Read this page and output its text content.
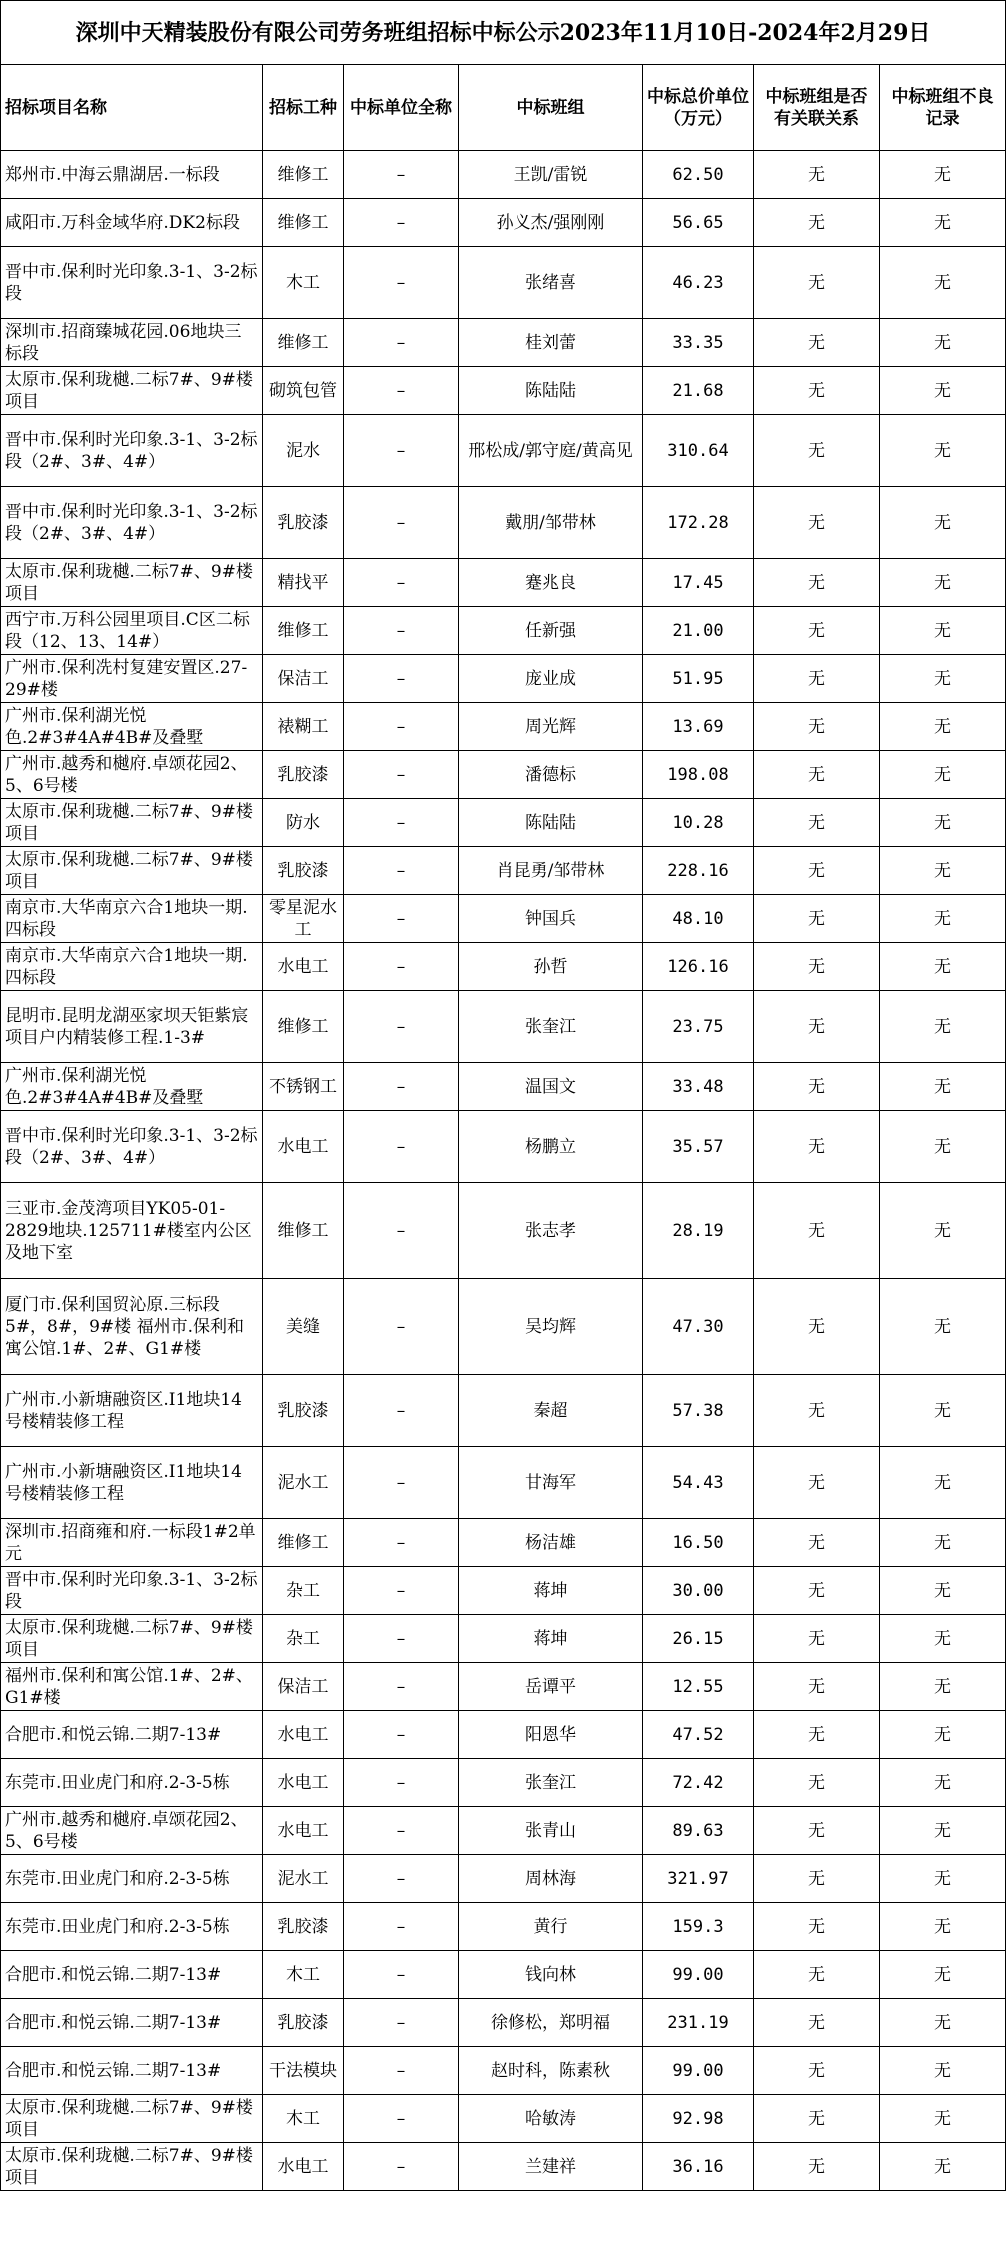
深圳中天精装股份有限公司劳务班组招标中标公示2023年11月10日-2024年2月29日						
招标项目名称	招标工种	中标单位全称	中标班组	中标总价单位（万元）	中标班组是否有关联关系	中标班组不良记录
郑州市.中海云鼎湖居.一标段	维修工	–	王凯/雷锐	62.50	无	无
咸阳市.万科金域华府.DK2标段	维修工	–	孙义杰/强刚刚	56.65	无	无
晋中市.保利时光印象.3-1、3-2标段	木工	–	张绪喜	46.23	无	无
深圳市.招商臻城花园.06地块三标段	维修工	–	桂刘蕾	33.35	无	无
太原市.保利珑樾.二标7#、9#楼项目	砌筑包管	–	陈陆陆	21.68	无	无
晋中市.保利时光印象.3-1、3-2标段（2#、3#、4#）	泥水	–	邢松成/郭守庭/黄高见	310.64	无	无
晋中市.保利时光印象.3-1、3-2标段（2#、3#、4#）	乳胶漆	–	戴朋/邹带林	172.28	无	无
太原市.保利珑樾.二标7#、9#楼项目	精找平	–	蹇兆良	17.45	无	无
西宁市.万科公园里项目.C区二标段（12、13、14#）	维修工	–	任新强	21.00	无	无
广州市.保利冼村复建安置区.27-29#楼	保洁工	–	庞业成	51.95	无	无
广州市.保利湖光悦色.2#3#4A#4B#及叠墅	裱糊工	–	周光辉	13.69	无	无
广州市.越秀和樾府.卓颂花园2、5、6号楼	乳胶漆	–	潘德标	198.08	无	无
太原市.保利珑樾.二标7#、9#楼项目	防水	–	陈陆陆	10.28	无	无
太原市.保利珑樾.二标7#、9#楼项目	乳胶漆	–	肖昆勇/邹带林	228.16	无	无
南京市.大华南京六合1地块一期.四标段	零星泥水工	–	钟国兵	48.10	无	无
南京市.大华南京六合1地块一期.四标段	水电工	–	孙哲	126.16	无	无
昆明市.昆明龙湖巫家坝天钜紫宸项目户内精装修工程.1-3#	维修工	–	张奎江	23.75	无	无
广州市.保利湖光悦色.2#3#4A#4B#及叠墅	不锈钢工	–	温国文	33.48	无	无
晋中市.保利时光印象.3-1、3-2标段（2#、3#、4#）	水电工	–	杨鹏立	35.57	无	无
三亚市.金茂湾项目YK05-01-2829地块.125711#楼室内公区及地下室	维修工	–	张志孝	28.19	无	无
厦门市.保利国贸沁原.三标段5#，8#，9#楼 福州市.保利和寓公馆.1#、2#、G1#楼	美缝	–	吴均辉	47.30	无	无
广州市.小新塘融资区.I1地块14号楼精装修工程	乳胶漆	–	秦超	57.38	无	无
广州市.小新塘融资区.I1地块14号楼精装修工程	泥水工	–	甘海军	54.43	无	无
深圳市.招商雍和府.一标段1#2单元	维修工	–	杨洁雄	16.50	无	无
晋中市.保利时光印象.3-1、3-2标段	杂工	–	蒋坤	30.00	无	无
太原市.保利珑樾.二标7#、9#楼项目	杂工	–	蒋坤	26.15	无	无
福州市.保利和寓公馆.1#、2#、G1#楼	保洁工	–	岳谭平	12.55	无	无
合肥市.和悦云锦.二期7-13#	水电工	–	阳恩华	47.52	无	无
东莞市.田业虎门和府.2-3-5栋	水电工	–	张奎江	72.42	无	无
广州市.越秀和樾府.卓颂花园2、5、6号楼	水电工	–	张青山	89.63	无	无
东莞市.田业虎门和府.2-3-5栋	泥水工	–	周林海	321.97	无	无
东莞市.田业虎门和府.2-3-5栋	乳胶漆	–	黄行	159.3	无	无
合肥市.和悦云锦.二期7-13#	木工	–	钱向林	99.00	无	无
合肥市.和悦云锦.二期7-13#	乳胶漆	–	徐修松，郑明福	231.19	无	无
合肥市.和悦云锦.二期7-13#	干法模块	–	赵时科，陈素秋	99.00	无	无
太原市.保利珑樾.二标7#、9#楼项目	木工	–	哈敏涛	92.98	无	无
太原市.保利珑樾.二标7#、9#楼项目	水电工	–	兰建祥	36.16	无	无
